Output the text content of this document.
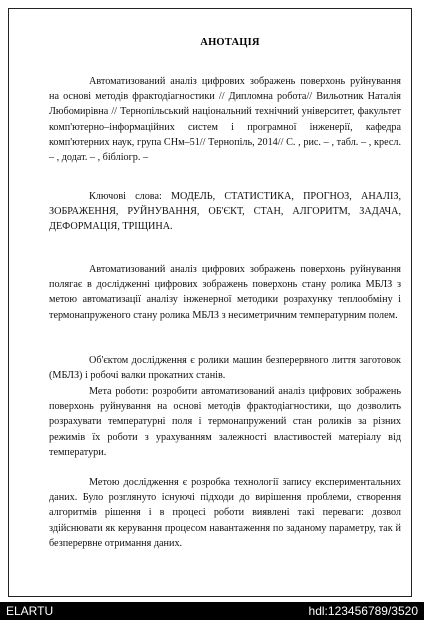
АНОТАЦІЯ

Автоматизований аналіз цифрових зображень поверхонь руйнування на основі методів фрактодіагностики // Дипломна робота// Вильотник Наталія Любомирівна // Тернопільський національний технічний університет, факультет комп'ютерно–інформаційних систем і програмної інженерії, кафедра комп'ютерних наук, група СНм–51// Тернопіль, 2014// С. , рис. – , табл. – , кресл. – , додат. – , бібліогр. –

Ключові слова: МОДЕЛЬ, СТАТИСТИКА, ПРОГНОЗ, АНАЛІЗ, ЗОБРАЖЕННЯ, РУЙНУВАННЯ, ОБ'ЄКТ, СТАН, АЛГОРИТМ, ЗАДАЧА, ДЕФОРМАЦІЯ, ТРІЩИНА.

Автоматизований аналіз цифрових зображень поверхонь руйнування полягає в дослідженні цифрових зображень поверхонь стану ролика МБЛЗ з метою автоматизації аналізу інженерної методики розрахунку теплообміну і термонапруженого стану ролика МБЛЗ з несиметричним температурним полем.

Об'єктом дослідження є ролики машин безперервного лиття заготовок (МБЛЗ) і робочі валки прокатних станів.

Мета роботи: розробити автоматизований аналіз цифрових зображень поверхонь руйнування на основі методів фрактодіагностики, що дозволить розрахувати температурні поля і термонапружений стан роликів за різних режимів їх роботи з урахуванням залежності властивостей матеріалу від температури.

Метою дослідження є розробка технології запису експериментальних даних. Було розглянуто існуючі підходи до вирішення проблеми, створення алгоритмів рішення і в процесі роботи виявлені такі переваги: дозвол здійснювати як керування процесом навантаження по заданому параметру, так й безперервне отримання даних.

ELARTU	hdl:123456789/3520
